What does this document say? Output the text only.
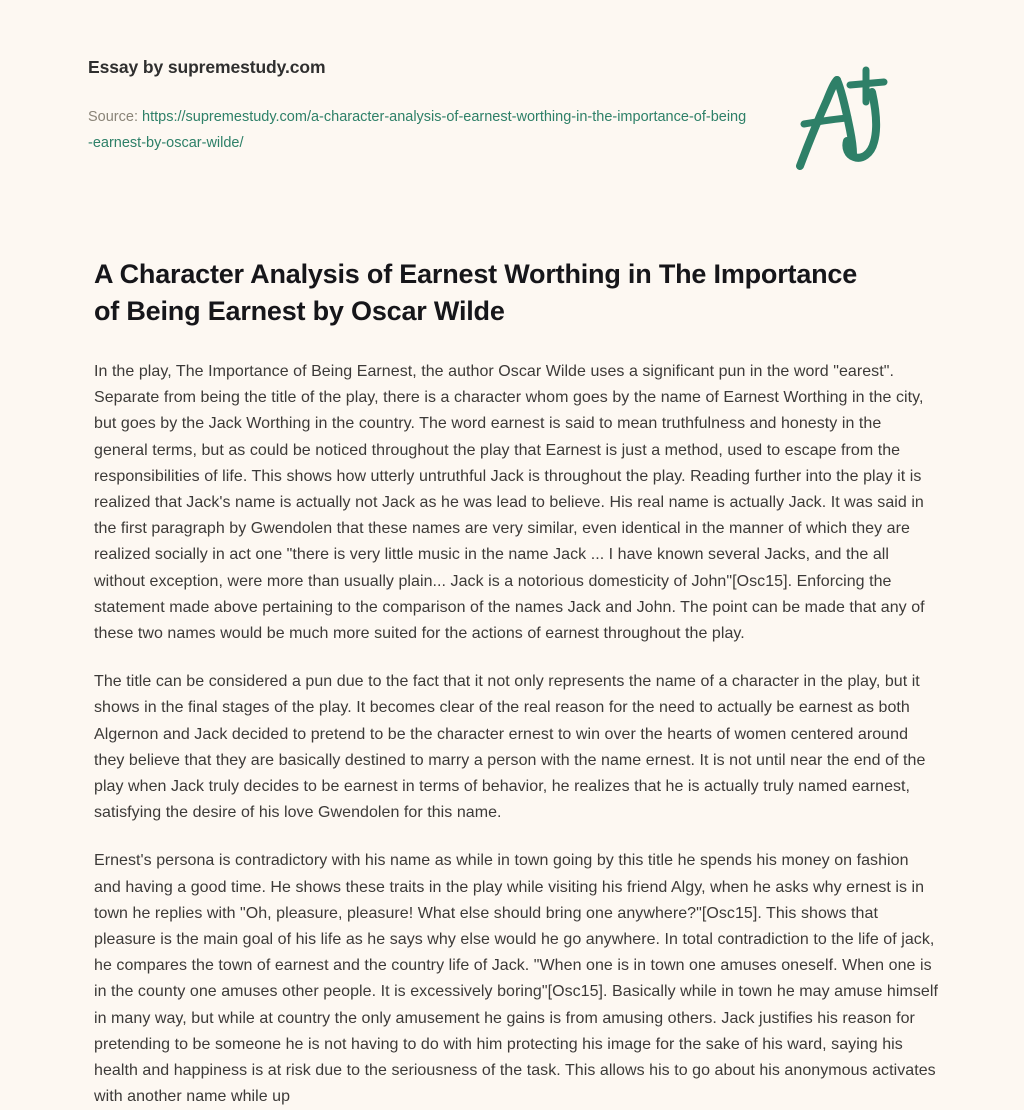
Essay by supremestudy.com
Source: https://supremestudy.com/a-character-analysis-of-earnest-worthing-in-the-importance-of-being-earnest-by-oscar-wilde/
A Character Analysis of Earnest Worthing in The Importance of Being Earnest by Oscar Wilde

In the play, The Importance of Being Earnest, the author Oscar Wilde uses a significant pun in the word "earest". Separate from being the title of the play, there is a character whom goes by the name of Earnest Worthing in the city, but goes by the Jack Worthing in the country. The word earnest is said to mean truthfulness and honesty in the general terms, but as could be noticed throughout the play that Earnest is just a method, used to escape from the responsibilities of life. This shows how utterly untruthful Jack is throughout the play. Reading further into the play it is realized that Jack's name is actually not Jack as he was lead to believe. His real name is actually Jack. It was said in the first paragraph by Gwendolen that these names are very similar, even identical in the manner of which they are realized socially in act one "there is very little music in the name Jack ... I have known several Jacks, and the all without exception, were more than usually plain... Jack is a notorious domesticity of John"[Osc15]. Enforcing the statement made above pertaining to the comparison of the names Jack and John. The point can be made that any of these two names would be much more suited for the actions of earnest throughout the play.

The title can be considered a pun due to the fact that it not only represents the name of a character in the play, but it shows in the final stages of the play. It becomes clear of the real reason for the need to actually be earnest as both Algernon and Jack decided to pretend to be the character ernest to win over the hearts of women centered around they believe that they are basically destined to marry a person with the name ernest. It is not until near the end of the play when Jack truly decides to be earnest in terms of behavior, he realizes that he is actually truly named earnest, satisfying the desire of his love Gwendolen for this name.

Ernest's persona is contradictory with his name as while in town going by this title he spends his money on fashion and having a good time. He shows these traits in the play while visiting his friend Algy, when he asks why ernest is in town he replies with "Oh, pleasure, pleasure! What else should bring one anywhere?"[Osc15]. This shows that pleasure is the main goal of his life as he says why else would he go anywhere. In total contradiction to the life of jack, he compares the town of earnest and the country life of Jack. "When one is in town one amuses oneself. When one is in the county one amuses other people. It is excessively boring"[Osc15]. Basically while in town he may amuse himself in many way, but while at country the only amusement he gains is from amusing others. Jack justifies his reason for pretending to be someone he is not having to do with him protecting his image for the sake of his ward, saying his health and happiness is at risk due to the seriousness of the task. This allows his to go about his anonymous activates with another name while up
